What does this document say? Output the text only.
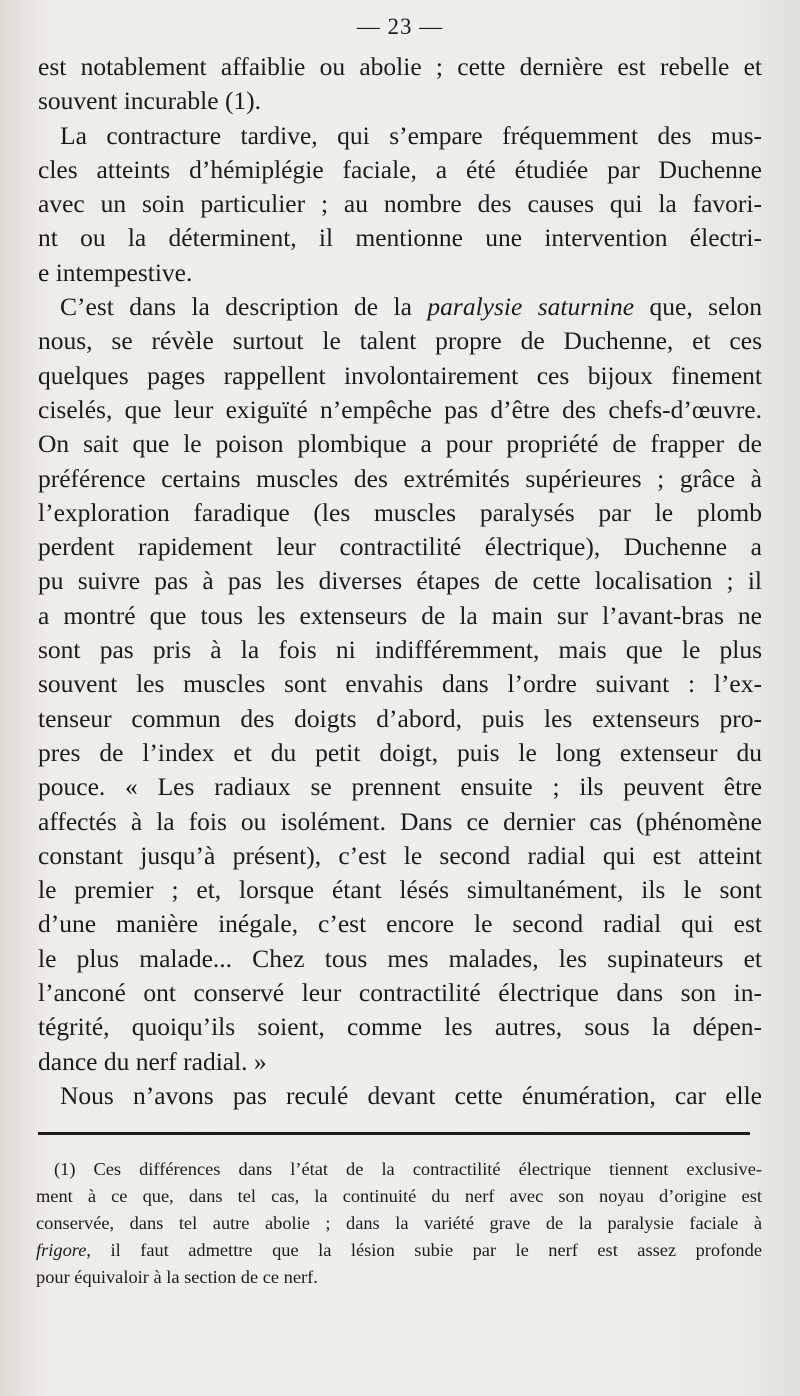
— 23 —
est notablement affaiblie ou abolie ; cette dernière est rebelle et
souvent incurable (1).
La contracture tardive, qui s’empare fréquemment des mus-
cles atteints d’hémiplégie faciale, a été étudiée par Duchenne
avec un soin particulier ; au nombre des causes qui la favori-
nt ou la déterminent, il mentionne une intervention électri-
e intempestive.
C’est dans la description de la paralysie saturnine que, selon
nous, se révèle surtout le talent propre de Duchenne, et ces
quelques pages rappellent involontairement ces bijoux finement
ciselés, que leur exiguïté n’empêche pas d’être des chefs-d’œuvre.
On sait que le poison plombique a pour propriété de frapper de
préférence certains muscles des extrémités supérieures ; grâce à
l’exploration faradique (les muscles paralysés par le plomb
perdent rapidement leur contractilité électrique), Duchenne a
pu suivre pas à pas les diverses étapes de cette localisation ; il
a montré que tous les extenseurs de la main sur l’avant-bras ne
sont pas pris à la fois ni indifféremment, mais que le plus
souvent les muscles sont envahis dans l’ordre suivant : l’ex-
tenseur commun des doigts d’abord, puis les extenseurs pro-
pres de l’index et du petit doigt, puis le long extenseur du
pouce. « Les radiaux se prennent ensuite ; ils peuvent être
affectés à la fois ou isolément. Dans ce dernier cas (phénomène
constant jusqu’à présent), c’est le second radial qui est atteint
le premier ; et, lorsque étant lésés simultanément, ils le sont
d’une manière inégale, c’est encore le second radial qui est
le plus malade... Chez tous mes malades, les supinateurs et
l’anconé ont conservé leur contractilité électrique dans son in-
tégrité, quoiqu’ils soient, comme les autres, sous la dépen-
dance du nerf radial. »
Nous n’avons pas reculé devant cette énumération, car elle
(1) Ces différences dans l’état de la contractilité électrique tiennent exclusive-
ment à ce que, dans tel cas, la continuité du nerf avec son noyau d’origine est
conservée, dans tel autre abolie ; dans la variété grave de la paralysie faciale à
frigore, il faut admettre que la lésion subie par le nerf est assez profonde
pour équivaloir à la section de ce nerf.
